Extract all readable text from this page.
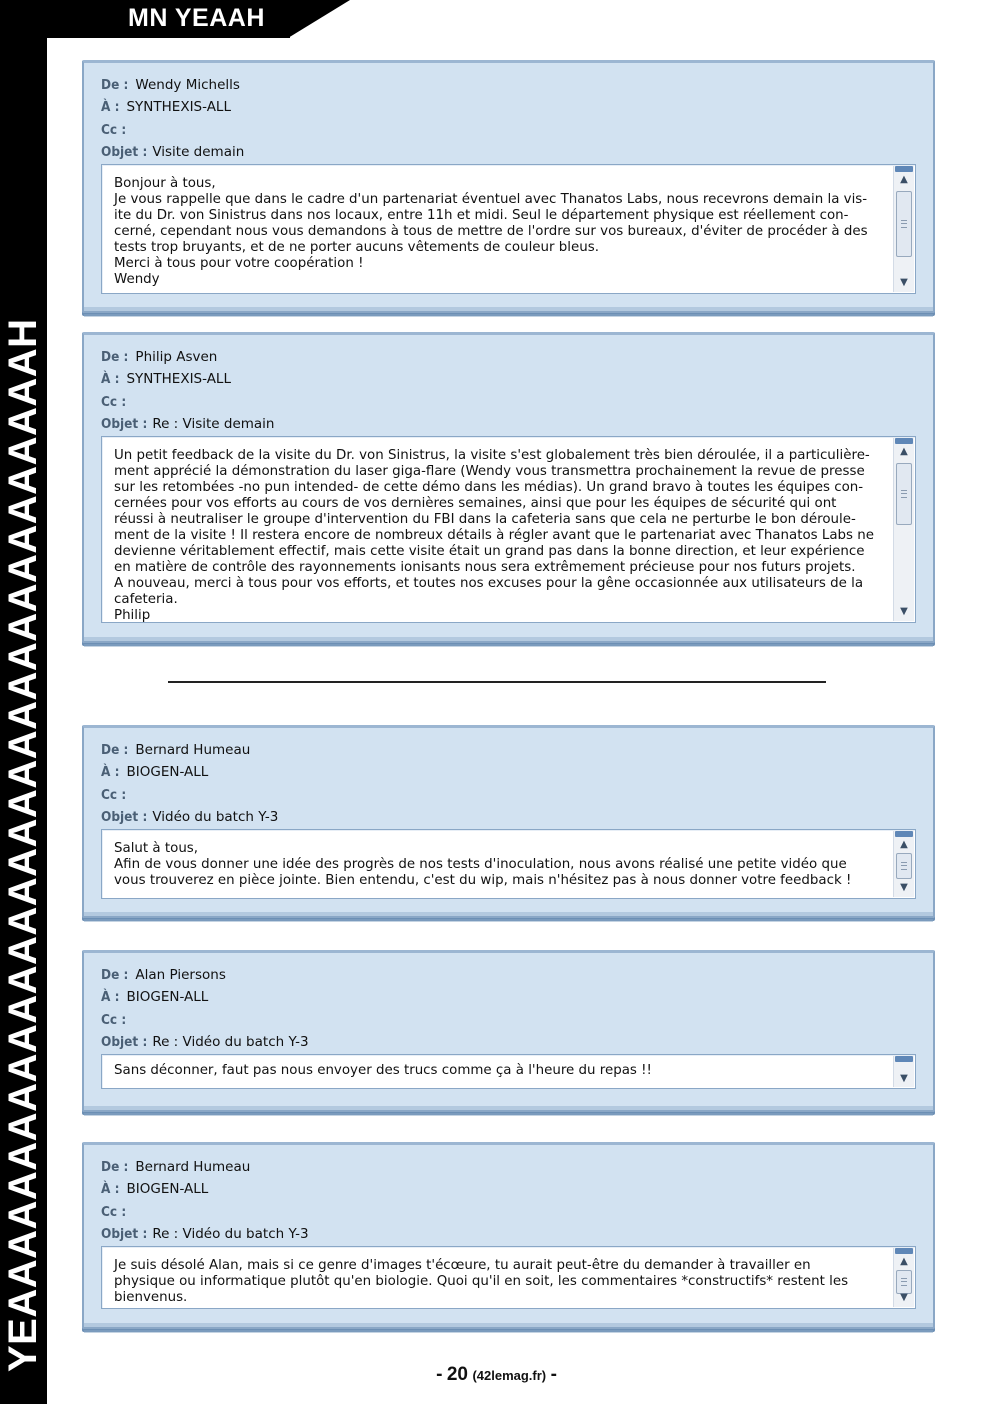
MN YEAAH
YEAAAAAAAAAAAAAAAAAAAAAAAAAAAAAAAAAH
De : Wendy Michells
À : SYNTHEXIS-ALL
Cc :
Objet : Visite demain
Bonjour à tous,
Je vous rappelle que dans le cadre d'un partenariat éventuel avec Thanatos Labs, nous recevrons demain la vis-
ite du Dr. von Sinistrus dans nos locaux, entre 11h et midi. Seul le département physique est réellement con-
cerné, cependant nous vous demandons à tous de mettre de l'ordre sur vos bureaux, d'éviter de procéder à des
tests trop bruyants, et de ne porter aucuns vêtements de couleur bleus.
Merci à tous pour votre coopération !
Wendy
▲
▼
De : Philip Asven
À : SYNTHEXIS-ALL
Cc :
Objet : Re : Visite demain
Un petit feedback de la visite du Dr. von Sinistrus, la visite s'est globalement très bien déroulée, il a particulière-
ment apprécié la démonstration du laser giga-flare (Wendy vous transmettra prochainement la revue de presse
sur les retombées -no pun intended- de cette démo dans les médias). Un grand bravo à toutes les équipes con-
cernées pour vos efforts au cours de vos dernières semaines, ainsi que pour les équipes de sécurité qui ont
réussi à neutraliser le groupe d'intervention du FBI dans la cafeteria sans que cela ne perturbe le bon déroule-
ment de la visite ! Il restera encore de nombreux détails à régler avant que le partenariat avec Thanatos Labs ne
devienne véritablement effectif, mais cette visite était un grand pas dans la bonne direction, et leur expérience
en matière de contrôle des rayonnements ionisants nous sera extrêmement précieuse pour nos futurs projets.
A nouveau, merci à tous pour vos efforts, et toutes nos excuses pour la gêne occasionnée aux utilisateurs de la
cafeteria.
Philip
▲
▼
De : Bernard Humeau
À : BIOGEN-ALL
Cc :
Objet : Vidéo du batch Y-3
Salut à tous,
Afin de vous donner une idée des progrès de nos tests d'inoculation, nous avons réalisé une petite vidéo que
vous trouverez en pièce jointe. Bien entendu, c'est du wip, mais n'hésitez pas à nous donner votre feedback !
▲
▼
De : Alan Piersons
À : BIOGEN-ALL
Cc :
Objet : Re : Vidéo du batch Y-3
Sans déconner, faut pas nous envoyer des trucs comme ça à l'heure du repas !!
▼
De : Bernard Humeau
À : BIOGEN-ALL
Cc :
Objet : Re : Vidéo du batch Y-3
Je suis désolé Alan, mais si ce genre d'images t'écœure, tu aurait peut-être du demander à travailler en
physique ou informatique plutôt qu'en biologie. Quoi qu'il en soit, les commentaires *constructifs* restent les
bienvenus.
▲
▼
- 20 (42lemag.fr) -
